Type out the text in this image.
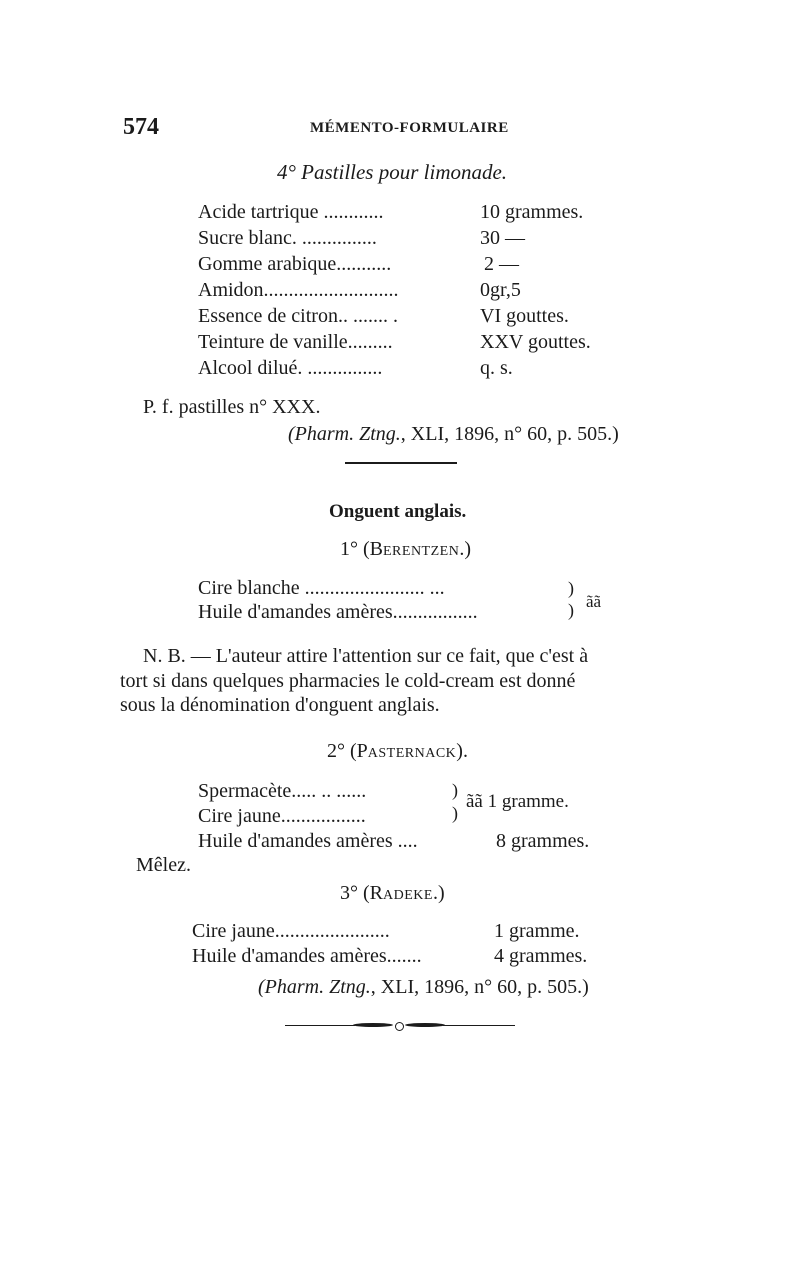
574	MÉMENTO-FORMULAIRE
4° Pastilles pour limonade.
Acide tartrique ............	10 grammes.
Sucre blanc. ...............	30 —
Gomme arabique...........	2 —
Amidon...........................	0gr,5
Essence de citron.. ....... .	VI gouttes.
Teinture de vanille.........	XXV gouttes.
Alcool dilué. ...............	q. s.
P. f. pastilles n° XXX.
(Pharm. Ztng., XLI, 1896, n° 60, p. 505.)
Onguent anglais.
1° (BERENTZEN.)
Cire blanche ........................ ...
Huile d'amandes amères.................
)
) ãã
N. B. — L'auteur attire l'attention sur ce fait, que c'est à
tort si dans quelques pharmacies le cold-cream est donné
sous la dénomination d'onguent anglais.
2° (PASTERNACK).
Spermacète..... .. ......
Cire jaune.................
)
)
ãã 1 gramme.
Huile d'amandes amères ....	8 grammes.
Mêlez.
3° (RADEKE.)
Cire jaune.......................	1 gramme.
Huile d'amandes amères.......	4 grammes.
(Pharm. Ztng., XLI, 1896, n° 60, p. 505.)
